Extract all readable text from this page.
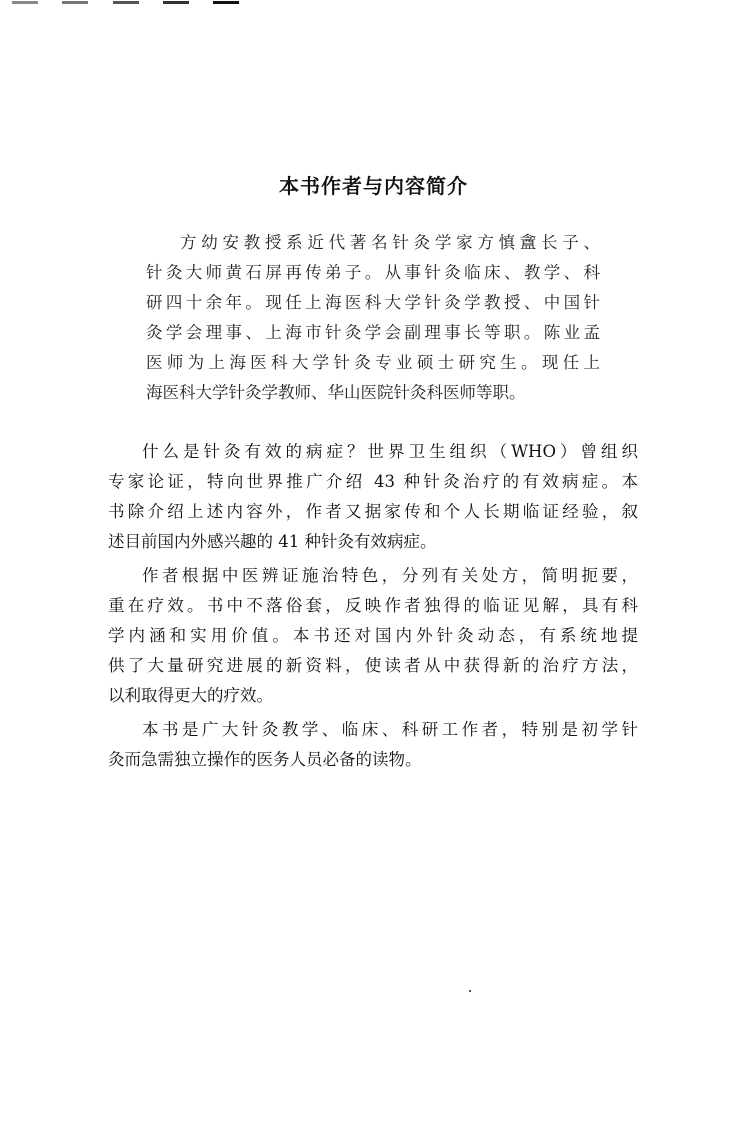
本书作者与内容简介
方幼安教授系近代著名针灸学家方慎盦长子、
针灸大师黄石屏再传弟子。从事针灸临床、教学、科
研四十余年。现任上海医科大学针灸学教授、中国针
灸学会理事、上海市针灸学会副理事长等职。陈业孟
医师为上海医科大学针灸专业硕士研究生。现任上
海医科大学针灸学教师、华山医院针灸科医师等职。
什么是针灸有效的病症？世界卫生组织（WHO）曾组织
专家论证，特向世界推广介绍 43 种针灸治疗的有效病症。本
书除介绍上述内容外，作者又据家传和个人长期临证经验，叙
述目前国内外感兴趣的 41 种针灸有效病症。
作者根据中医辨证施治特色，分列有关处方，简明扼要，
重在疗效。书中不落俗套，反映作者独得的临证见解，具有科
学内涵和实用价值。本书还对国内外针灸动态，有系统地提
供了大量研究进展的新资料，使读者从中获得新的治疗方法，
以利取得更大的疗效。
本书是广大针灸教学、临床、科研工作者，特别是初学针
灸而急需独立操作的医务人员必备的读物。
